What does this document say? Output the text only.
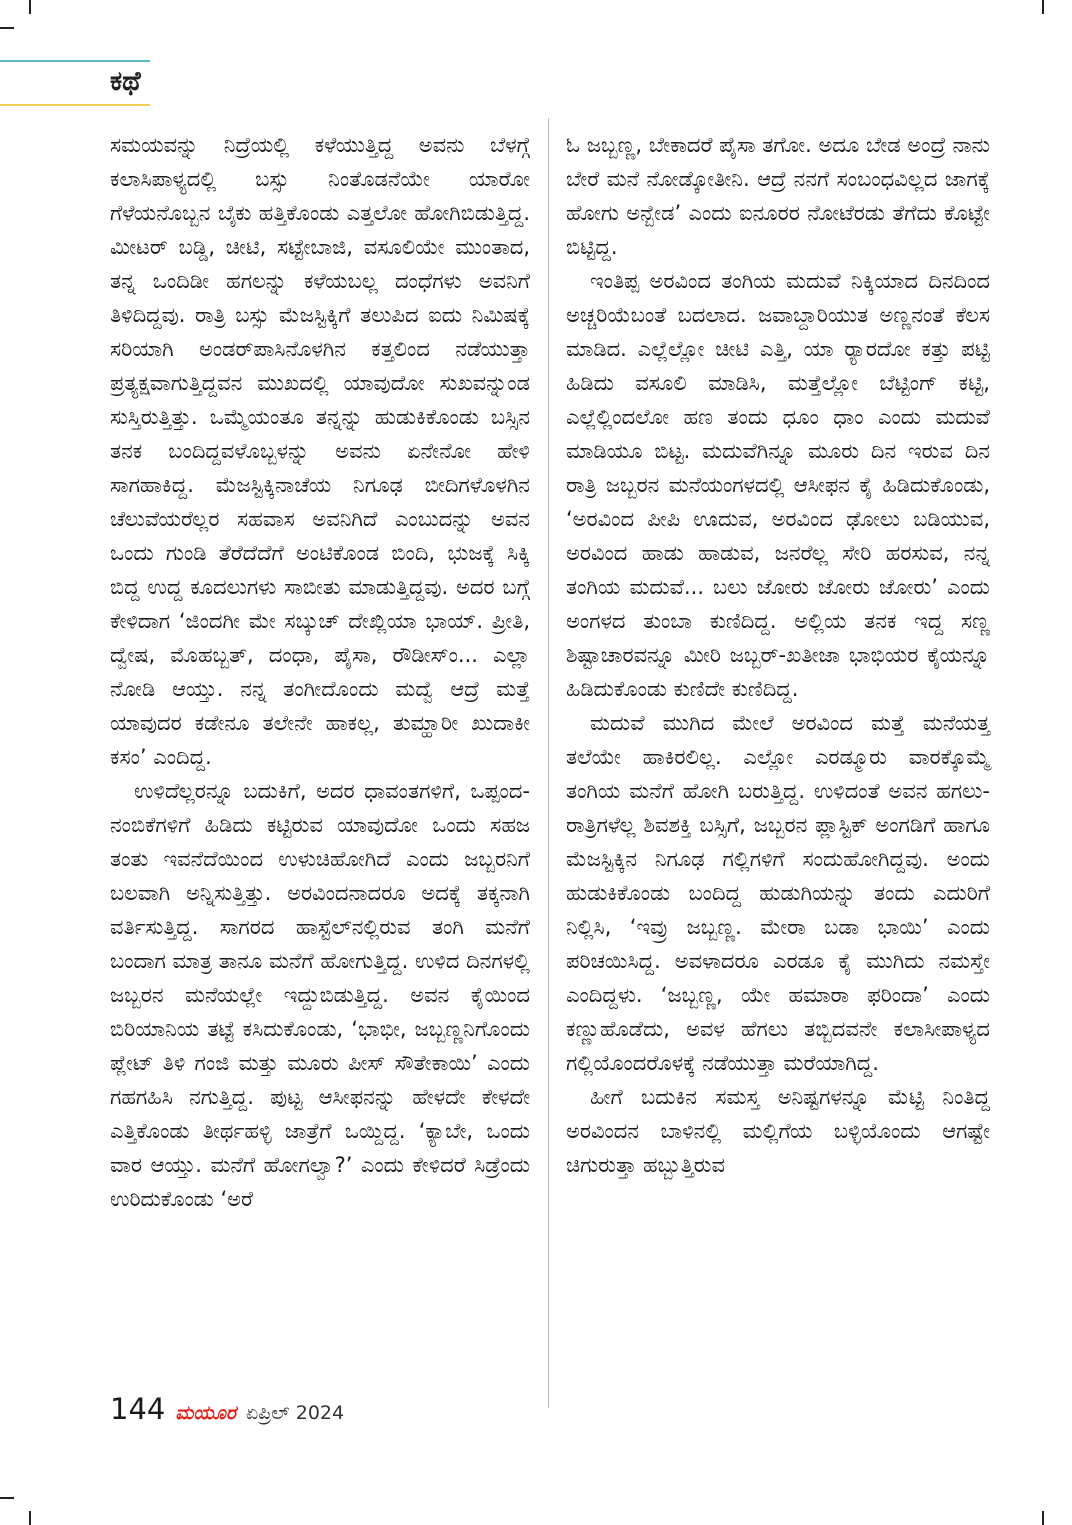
ಕಥೆ

ಸಮಯವನ್ನು ನಿದ್ರೆಯಲ್ಲಿ ಕಳೆಯುತ್ತಿದ್ದ ಅವನು ಬೆಳಗ್ಗೆ ಕಲಾಸಿಪಾಳ್ಯದಲ್ಲಿ ಬಸ್ಸು ನಿಂತೊಡನೆಯೇ ಯಾರೋ ಗೆಳೆಯನೊಬ್ಬನ ಬೈಕು ಹತ್ತಿಕೊಂಡು ಎತ್ತಲೋ ಹೋಗಿಬಿಡುತ್ತಿದ್ದ. ಮೀಟರ್ ಬಡ್ಡಿ, ಚೀಟಿ, ಸಟ್ಟೇಬಾಜಿ, ವಸೂಲಿಯೇ ಮುಂತಾದ, ತನ್ನ ಒಂದಿಡೀ ಹಗಲನ್ನು ಕಳೆಯಬಲ್ಲ ದಂಧೆಗಳು ಅವನಿಗೆ ತಿಳಿದಿದ್ದವು. ರಾತ್ರಿ ಬಸ್ಸು ಮೆಜಸ್ಟಿಕ್ಕಿಗೆ ತಲುಪಿದ ಐದು ನಿಮಿಷಕ್ಕೆ ಸರಿಯಾಗಿ ಅಂಡರ್‌ಪಾಸಿನೊಳಗಿನ ಕತ್ತಲಿಂದ ನಡೆಯುತ್ತಾ ಪ್ರತ್ಯಕ್ಷವಾಗುತ್ತಿದ್ದವನ ಮುಖದಲ್ಲಿ ಯಾವುದೋ ಸುಖವನ್ನುಂಡ ಸುಸ್ತಿರುತ್ತಿತ್ತು. ಒಮ್ಮೆಯಂತೂ ತನ್ನನ್ನು ಹುಡುಕಿಕೊಂಡು ಬಸ್ಸಿನ ತನಕ ಬಂದಿದ್ದವಳೊಬ್ಬಳನ್ನು ಅವನು ಏನೇನೋ ಹೇಳಿ ಸಾಗಹಾಕಿದ್ದ. ಮೆಜಸ್ಟಿಕ್ಕಿನಾಚೆಯ ನಿಗೂಢ ಬೀದಿಗಳೊಳಗಿನ ಚೆಲುವೆಯರೆಲ್ಲರ ಸಹವಾಸ ಅವನಿಗಿದೆ ಎಂಬುದನ್ನು ಅವನ ಒಂದು ಗುಂಡಿ ತೆರೆದೆದೆಗೆ ಅಂಟಿಕೊಂಡ ಬಿಂದಿ, ಭುಜಕ್ಕೆ ಸಿಕ್ಕಿ ಬಿದ್ದ ಉದ್ದ ಕೂದಲುಗಳು ಸಾಬೀತು ಮಾಡುತ್ತಿದ್ದವು. ಅದರ ಬಗ್ಗೆ ಕೇಳಿದಾಗ ‘ಜಿಂದಗೀ ಮೇ ಸಬ್ಕುಚ್ ದೇಖ್ಲಿಯಾ ಭಾಯ್. ಪ್ರೀತಿ, ದ್ವೇಷ, ಮೊಹಬ್ಬತ್, ದಂಧಾ, ಪೈಸಾ, ರೌಡೀಸ್ಂ... ಎಲ್ಲಾ ನೋಡಿ ಆಯ್ತು. ನನ್ನ ತಂಗೀದೊಂದು ಮದ್ವೆ ಆದ್ರೆ ಮತ್ತೆ ಯಾವುದರ ಕಡೇನೂ ತಲೇನೇ ಹಾಕಲ್ಲ, ತುಮ್ಹಾರೀ ಖುದಾಕೀ ಕಸಂ’ ಎಂದಿದ್ದ.

ಉಳಿದೆಲ್ಲರನ್ನೂ ಬದುಕಿಗೆ, ಅದರ ಧಾವಂತಗಳಿಗೆ, ಒಪ್ಪಂದ-ನಂಬಿಕೆಗಳಿಗೆ ಹಿಡಿದು ಕಟ್ಟಿರುವ ಯಾವುದೋ ಒಂದು ಸಹಜ ತಂತು ಇವನೆದೆಯಿಂದ ಉಳುಚಿಹೋಗಿದೆ ಎಂದು ಜಬ್ಬರನಿಗೆ ಬಲವಾಗಿ ಅನ್ನಿಸುತ್ತಿತ್ತು. ಅರವಿಂದನಾದರೂ ಅದಕ್ಕೆ ತಕ್ಕನಾಗಿ ವರ್ತಿಸುತ್ತಿದ್ದ. ಸಾಗರದ ಹಾಸ್ಟೆಲ್‌ನಲ್ಲಿರುವ ತಂಗಿ ಮನೆಗೆ ಬಂದಾಗ ಮಾತ್ರ ತಾನೂ ಮನೆಗೆ ಹೋಗುತ್ತಿದ್ದ. ಉಳಿದ ದಿನಗಳಲ್ಲಿ ಜಬ್ಬರನ ಮನೆಯಲ್ಲೇ ಇದ್ದುಬಿಡುತ್ತಿದ್ದ. ಅವನ ಕೈಯಿಂದ ಬಿರಿಯಾನಿಯ ತಟ್ಟೆ ಕಸಿದುಕೊಂಡು, ‘ಭಾಭೀ, ಜಬ್ಬಣ್ಣನಿಗೊಂದು ಪ್ಲೇಟ್ ತಿಳಿ ಗಂಜಿ ಮತ್ತು ಮೂರು ಪೀಸ್ ಸೌತೇಕಾಯಿ’ ಎಂದು ಗಹಗಹಿಸಿ ನಗುತ್ತಿದ್ದ. ಪುಟ್ಟ ಆಸೀಫನನ್ನು ಹೇಳದೇ ಕೇಳದೇ ಎತ್ತಿಕೊಂಡು ತೀರ್ಥಹಳ್ಳಿ ಜಾತ್ರೆಗೆ ಒಯ್ದಿದ್ದ. ‘ಕ್ಯಾಬೇ, ಒಂದು ವಾರ ಆಯ್ತು. ಮನೆಗೆ ಹೋಗಲ್ವಾ?’ ಎಂದು ಕೇಳಿದರೆ ಸಿಡ್ರೆಂದು ಉರಿದುಕೊಂಡು ‘ಅರೆ

ಓ ಜಬ್ಬಣ್ಣ, ಬೇಕಾದರೆ ಪೈಸಾ ತಗೋ. ಅದೂ ಬೇಡ ಅಂದ್ರೆ ನಾನು ಬೇರೆ ಮನೆ ನೋಡ್ಕೋತೀನಿ. ಆದ್ರೆ ನನಗೆ ಸಂಬಂಧವಿಲ್ಲದ ಜಾಗಕ್ಕೆ ಹೋಗು ಅನ್ಬೇಡ’ ಎಂದು ಐನೂರರ ನೋಟೆರಡು ತೆಗೆದು ಕೊಟ್ಟೇ ಬಿಟ್ಟಿದ್ದ.

ಇಂತಿಪ್ಪ ಅರವಿಂದ ತಂಗಿಯ ಮದುವೆ ನಿಕ್ಕಿಯಾದ ದಿನದಿಂದ ಅಚ್ಚರಿಯೆಬಂತೆ ಬದಲಾದ. ಜವಾಬ್ದಾರಿಯುತ ಅಣ್ಣನಂತೆ ಕೆಲಸ ಮಾಡಿದ. ಎಲ್ಲೆಲ್ಲೋ ಚೀಟಿ ಎತ್ತಿ, ಯಾ ರ್‍ಯಾರದೋ ಕತ್ತು ಪಟ್ಟಿ ಹಿಡಿದು ವಸೂಲಿ ಮಾಡಿಸಿ, ಮತ್ತೆಲ್ಲೋ ಬೆಟ್ಟಿಂಗ್ ಕಟ್ಟಿ, ಎಲ್ಲೆಲ್ಲಿಂದಲೋ ಹಣ ತಂದು ಧೂಂ ಧಾಂ ಎಂದು ಮದುವೆ ಮಾಡಿಯೂ ಬಿಟ್ಟ. ಮದುವೆಗಿನ್ನೂ ಮೂರು ದಿನ ಇರುವ ದಿನ ರಾತ್ರಿ ಜಬ್ಬರನ ಮನೆಯಂಗಳದಲ್ಲಿ ಆಸೀಫನ ಕೈ ಹಿಡಿದುಕೊಂಡು, ‘ಅರವಿಂದ ಪೀಪಿ ಊದುವ, ಅರವಿಂದ ಢೋಲು ಬಡಿಯುವ, ಅರವಿಂದ ಹಾಡು ಹಾಡುವ, ಜನರೆಲ್ಲ ಸೇರಿ ಹರಸುವ, ನನ್ನ ತಂಗಿಯ ಮದುವೆ... ಬಲು ಜೋರು ಜೋರು ಜೋರು’ ಎಂದು ಅಂಗಳದ ತುಂಬಾ ಕುಣಿದಿದ್ದ. ಅಲ್ಲಿಯ ತನಕ ಇದ್ದ ಸಣ್ಣ ಶಿಷ್ಟಾಚಾರವನ್ನೂ ಮೀರಿ ಜಬ್ಬರ್-ಖತೀಜಾ ಭಾಭಿಯರ ಕೈಯನ್ನೂ ಹಿಡಿದುಕೊಂಡು ಕುಣಿದೇ ಕುಣಿದಿದ್ದ.

ಮದುವೆ ಮುಗಿದ ಮೇಲೆ ಅರವಿಂದ ಮತ್ತೆ ಮನೆಯತ್ತ ತಲೆಯೇ ಹಾಕಿರಲಿಲ್ಲ. ಎಲ್ಲೋ ಎರಡ್ಮೂರು ವಾರಕ್ಕೊಮ್ಮೆ ತಂಗಿಯ ಮನೆಗೆ ಹೋಗಿ ಬರುತ್ತಿದ್ದ. ಉಳಿದಂತೆ ಅವನ ಹಗಲು-ರಾತ್ರಿಗಳೆಲ್ಲ ಶಿವಶಕ್ತಿ ಬಸ್ಸಿಗೆ, ಜಬ್ಬರನ ಪ್ಲಾಸ್ಟಿಕ್ ಅಂಗಡಿಗೆ ಹಾಗೂ ಮೆಜಸ್ಟಿಕ್ಕಿನ ನಿಗೂಢ ಗಲ್ಲಿಗಳಿಗೆ ಸಂದುಹೋಗಿದ್ದವು. ಅಂದು ಹುಡುಕಿಕೊಂಡು ಬಂದಿದ್ದ ಹುಡುಗಿಯನ್ನು ತಂದು ಎದುರಿಗೆ ನಿಲ್ಲಿಸಿ, ‘ಇವ್ರು ಜಬ್ಬಣ್ಣ. ಮೇರಾ ಬಡಾ ಭಾಯಿ’ ಎಂದು ಪರಿಚಯಿಸಿದ್ದ. ಅವಳಾದರೂ ಎರಡೂ ಕೈ ಮುಗಿದು ನಮಸ್ತೇ ಎಂದಿದ್ದಳು. ‘ಜಬ್ಬಣ್ಣ, ಯೇ ಹಮಾರಾ ಫರಿಂದಾ’ ಎಂದು ಕಣ್ಣುಹೊಡೆದು, ಅವಳ ಹೆಗಲು ತಬ್ಬಿದವನೇ ಕಲಾಸೀಪಾಳ್ಯದ ಗಲ್ಲಿಯೊಂದರೊಳಕ್ಕೆ ನಡೆಯುತ್ತಾ ಮರೆಯಾಗಿದ್ದ.

ಹೀಗೆ ಬದುಕಿನ ಸಮಸ್ತ ಅನಿಷ್ಟಗಳನ್ನೂ ಮೆಟ್ಟಿ ನಿಂತಿದ್ದ ಅರವಿಂದನ ಬಾಳಿನಲ್ಲಿ ಮಲ್ಲಿಗೆಯ ಬಳ್ಳಿಯೊಂದು ಆಗಷ್ಟೇ ಚಿಗುರುತ್ತಾ ಹಬ್ಬುತ್ತಿರುವ

144 ಮಯೂರ ಏಪ್ರಿಲ್ 2024
